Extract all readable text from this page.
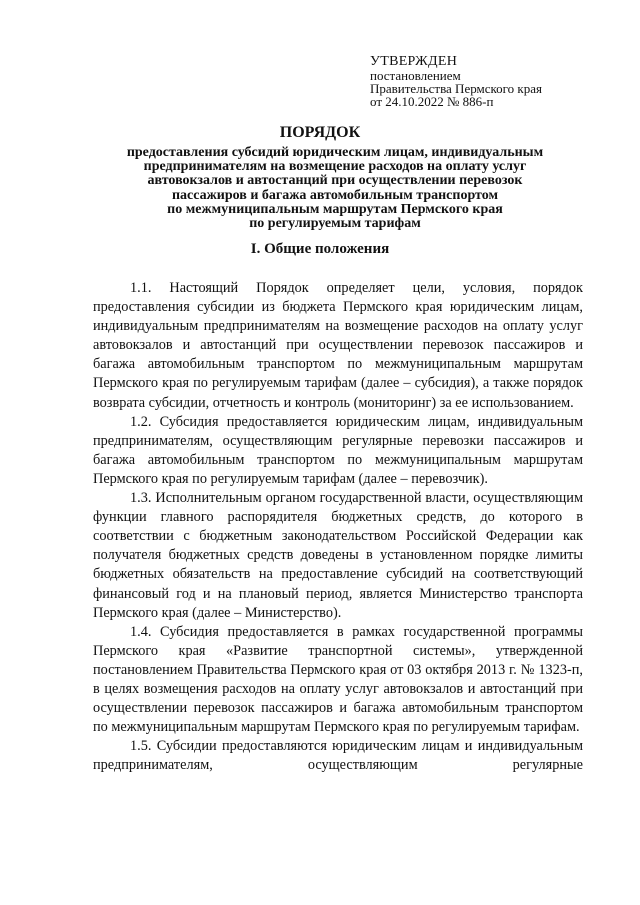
УТВЕРЖДЕН
постановлением
Правительства Пермского края
от 24.10.2022 № 886-п
ПОРЯДОК
предоставления субсидий юридическим лицам, индивидуальным
предпринимателям на возмещение расходов на оплату услуг
автовокзалов и автостанций при осуществлении перевозок
пассажиров и багажа автомобильным транспортом
по межмуниципальным маршрутам Пермского края
по регулируемым тарифам
I. Общие положения

1.1. Настоящий Порядок определяет цели, условия, порядок предоставления субсидии из бюджета Пермского края юридическим лицам, индивидуальным предпринимателям на возмещение расходов на оплату услуг автовокзалов и автостанций при осуществлении перевозок пассажиров и багажа автомобильным транспортом по межмуниципальным маршрутам Пермского края по регулируемым тарифам (далее – субсидия), а также порядок возврата субсидии, отчетность и контроль (мониторинг) за ее использованием.

1.2. Субсидия предоставляется юридическим лицам, индивидуальным предпринимателям, осуществляющим регулярные перевозки пассажиров и багажа автомобильным транспортом по межмуниципальным маршрутам Пермского края по регулируемым тарифам (далее – перевозчик).

1.3. Исполнительным органом государственной власти, осуществляющим функции главного распорядителя бюджетных средств, до которого в соответствии с бюджетным законодательством Российской Федерации как получателя бюджетных средств доведены в установленном порядке лимиты бюджетных обязательств на предоставление субсидий на соответствующий финансовый год и на плановый период, является Министерство транспорта Пермского края (далее – Министерство).

1.4. Субсидия предоставляется в рамках государственной программы Пермского края «Развитие транспортной системы», утвержденной постановлением Правительства Пермского края от 03 октября 2013 г. № 1323-п, в целях возмещения расходов на оплату услуг автовокзалов и автостанций при осуществлении перевозок пассажиров и багажа автомобильным транспортом по межмуниципальным маршрутам Пермского края по регулируемым тарифам.

1.5. Субсидии предоставляются юридическим лицам и индивидуальным предпринимателям, осуществляющим регулярные
